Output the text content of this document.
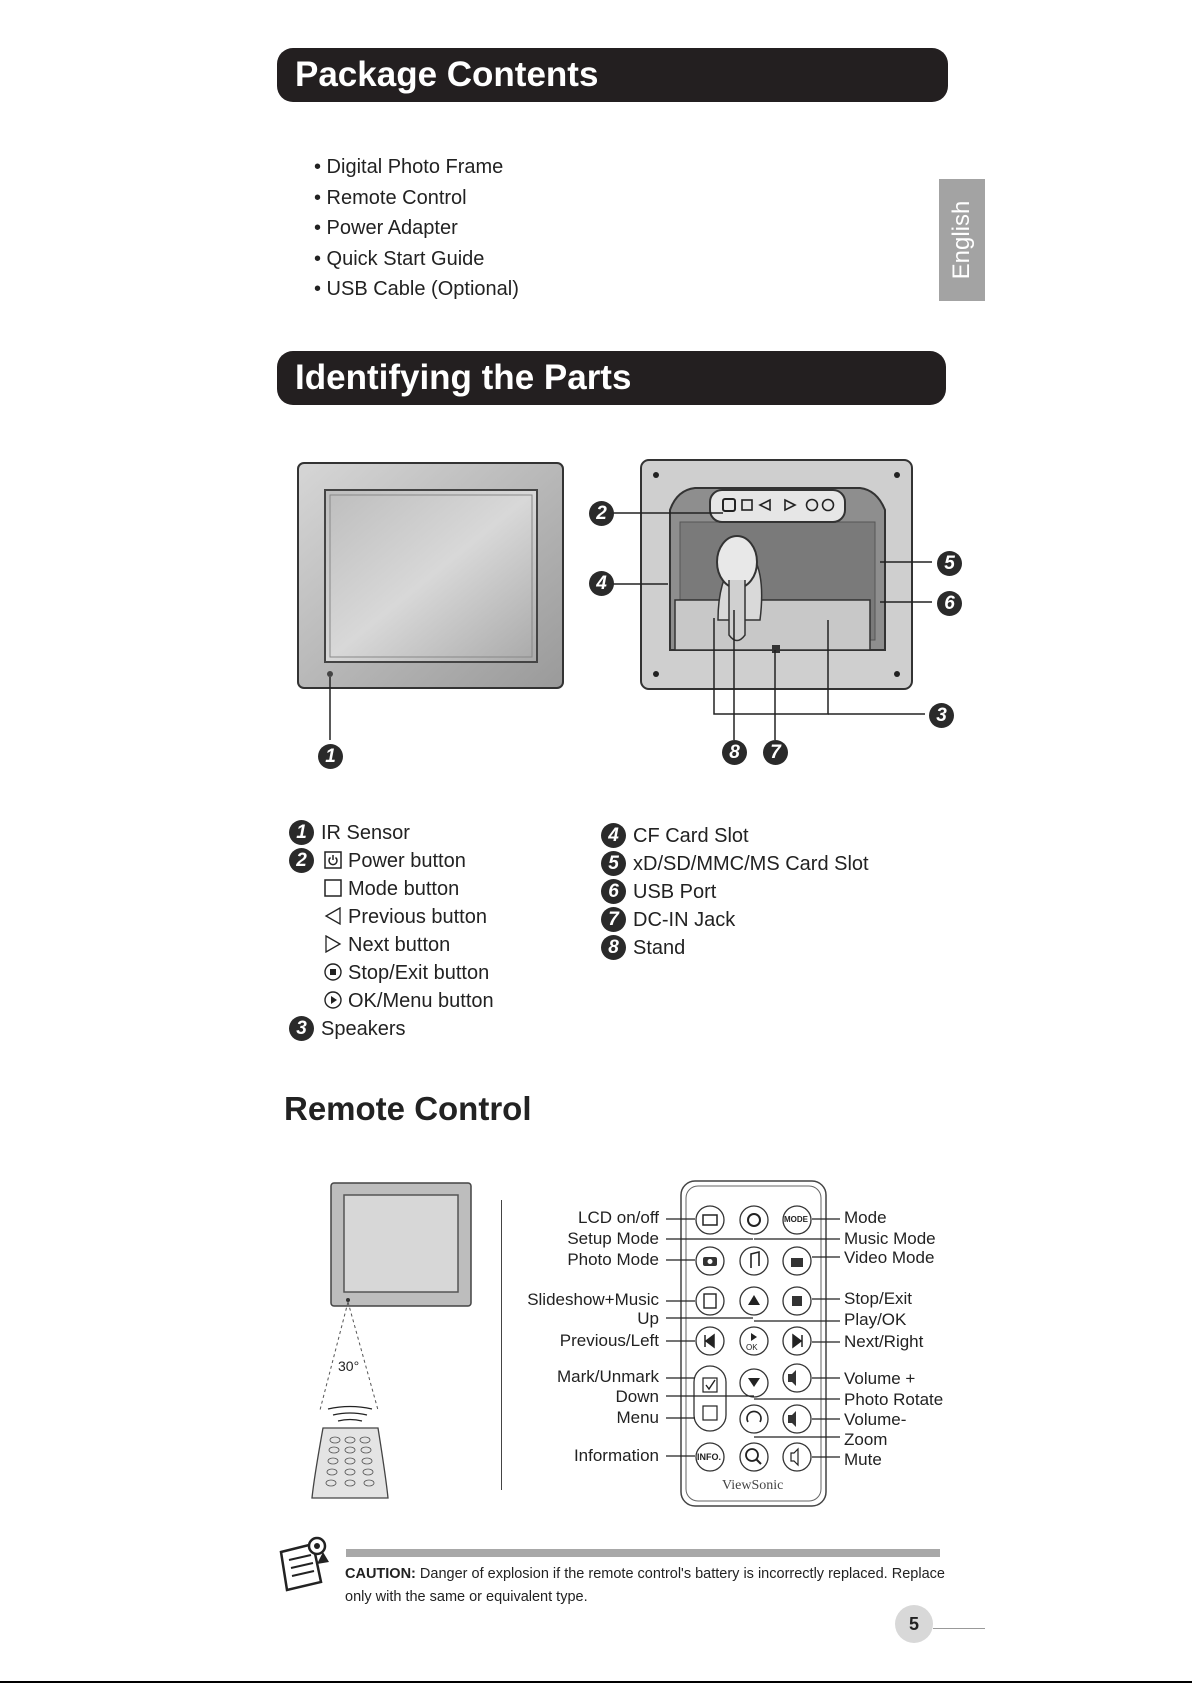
Package Contents
• Digital Photo Frame
• Remote Control
• Power Adapter
• Quick Start Guide
• USB Cable (Optional)
English
Identifying the Parts
1
2
4
5
6
3
8	7
1 IR Sensor
2	Power button
Mode button
Previous button
Next button
Stop/Exit button
OK/Menu button
3 Speakers
4 CF Card Slot
5 xD/SD/MMC/MS Card Slot
6 USB Port
7 DC-IN Jack
8 Stand
Remote Control
30°
MODE
OK
INFO.
ViewSonic
LCD on/off
Setup Mode
Photo Mode
Slideshow+Music
Up
Previous/Left
Mark/Unmark
Down
Menu
Information
Mode
Music Mode
Video Mode
Stop/Exit
Play/OK
Next/Right
Volume +
Photo Rotate
Volume-
Zoom
Mute
CAUTION: Danger of explosion if the remote control's battery is incorrectly replaced. Replace only with the same or equivalent type.
5
